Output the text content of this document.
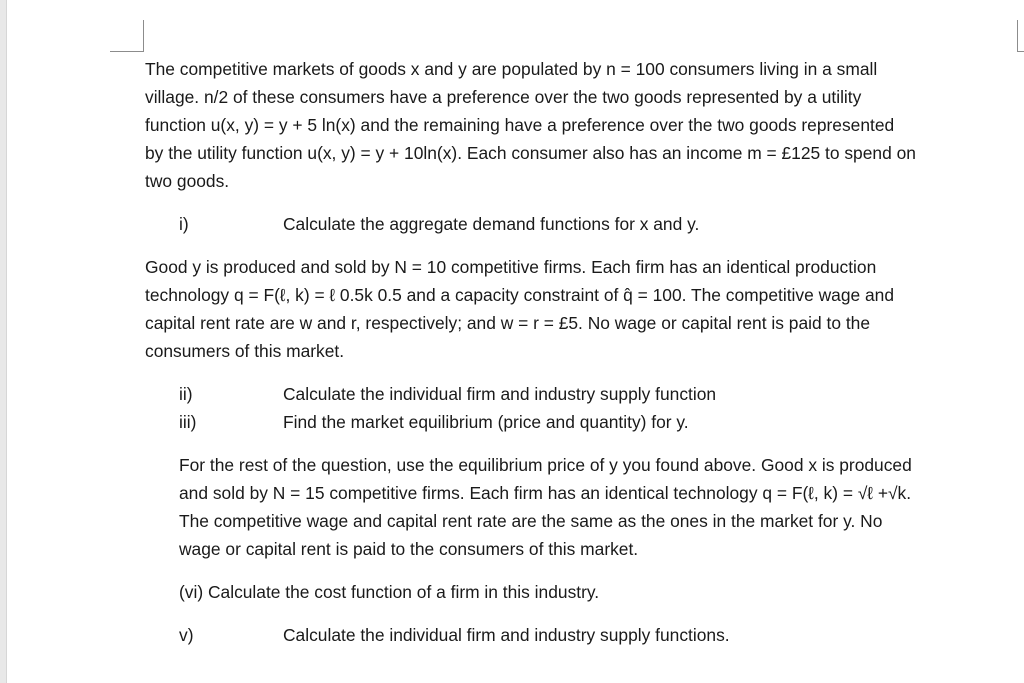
The competitive markets of goods x and y are populated by n = 100 consumers living in a small
village. n/2 of these consumers have a preference over the two goods represented by a utility
function u(x, y) = y + 5 ln(x) and the remaining have a preference over the two goods represented
by the utility function u(x, y) = y + 10ln(x). Each consumer also has an income m = £125 to spend on
two goods.
i)	Calculate the aggregate demand functions for x and y.
Good y is produced and sold by N = 10 competitive firms. Each firm has an identical production
technology q = F(ℓ, k) = ℓ 0.5k 0.5 and a capacity constraint of q̂ = 100. The competitive wage and
capital rent rate are w and r, respectively; and w = r = £5. No wage or capital rent is paid to the
consumers of this market.
ii)	Calculate the individual firm and industry supply function
iii)	Find the market equilibrium (price and quantity) for y.
For the rest of the question, use the equilibrium price of y you found above. Good x is produced
and sold by N = 15 competitive firms. Each firm has an identical technology q = F(ℓ, k) = √ℓ +√k.
The competitive wage and capital rent rate are the same as the ones in the market for y. No
wage or capital rent is paid to the consumers of this market.
(vi) Calculate the cost function of a firm in this industry.
v)	Calculate the individual firm and industry supply functions.
